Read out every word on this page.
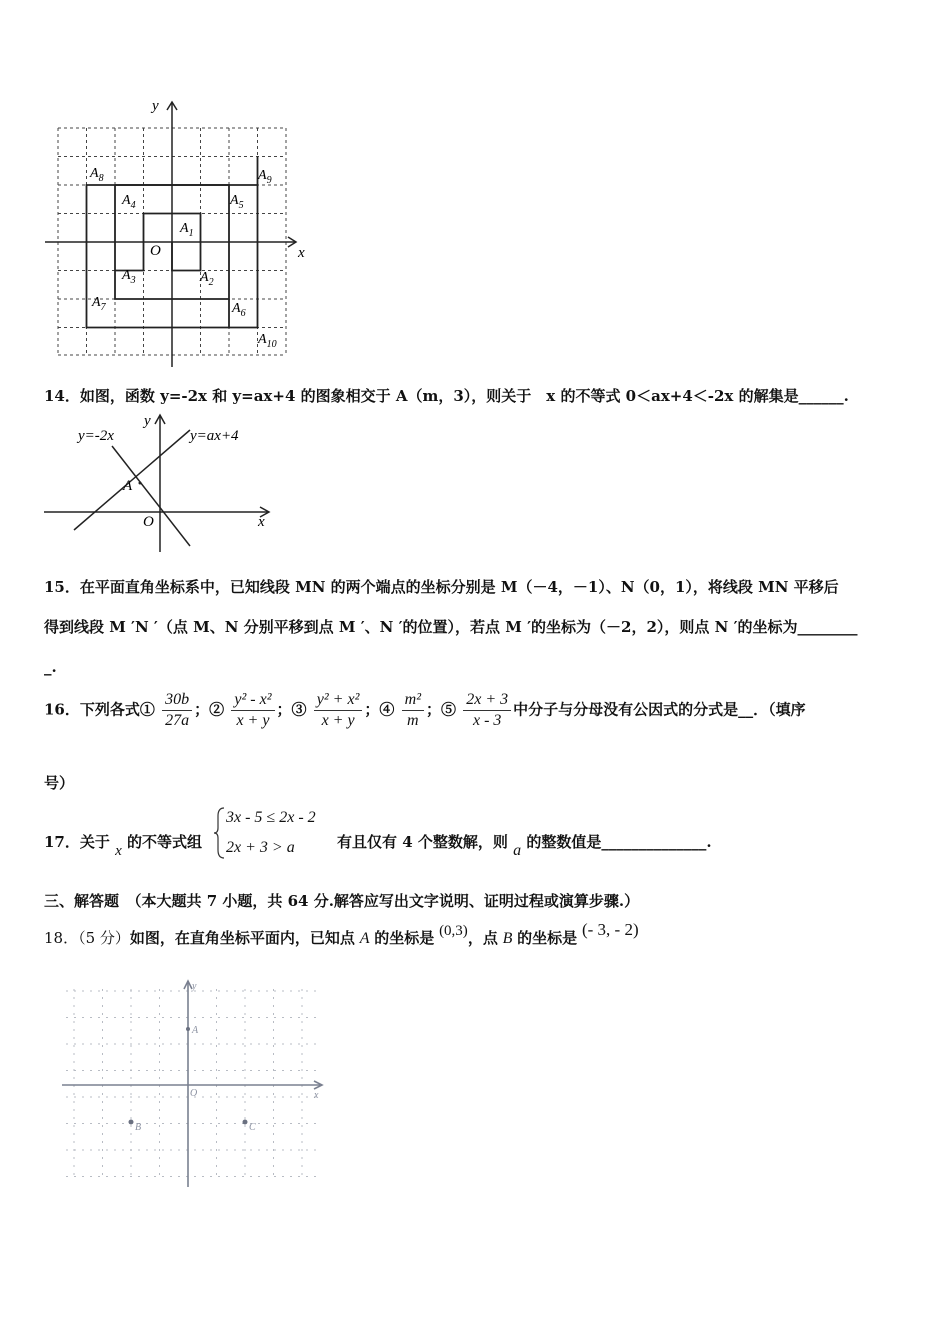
x
y
O
$A_1$
$A_2$
$A_3$
$A_4$	$A_5$
$A_6$
$A_7$
$A_8$	$A_9$
$A_{10}$
14．如图，函数 y=-2x 和 y=ax+4 的图象相交于 A（m，3），则关于　x 的不等式 0＜ax+4＜-2x 的解集是______.
y=-2x	y=ax+4
A
O	x
y
15．在平面直角坐标系中，已知线段 MN 的两个端点的坐标分别是 M（－4，－1）、N（0，1），将线段 MN 平移后
得到线段 M ′N ′（点 M、N 分别平移到点 M ′、N ′的位置），若点 M ′的坐标为（－2，2），则点 N ′的坐标为________
_.
16．下列各式① $\frac{30b}{27a}$ ；② $\frac{\text{y² - x²}}{x + y}$ ；③ $\frac{\text{y² + x²}}{x + y}$ ；④ $\frac{\text{m²}}{m}$ ；⑤ $\frac{2x + 3}{x - 3}$ 中分子与分母没有公因式的分式是__．（填序
号）
17．关于 x 的不等式组
3x - 5 ≤ 2x - 2
2x + 3 > a	有且仅有 4 个整数解，则 a 的整数值是______________.
三、解答题　（本大题共 7 小题，共 64 分.解答应写出文字说明、证明过程或演算步骤.）
18．（5 分）如图，在直角坐标平面内，已知点 A 的坐标是 (0,3)，点 B 的坐标是 (- 3, - 2)
x
y
O
A
B	C
